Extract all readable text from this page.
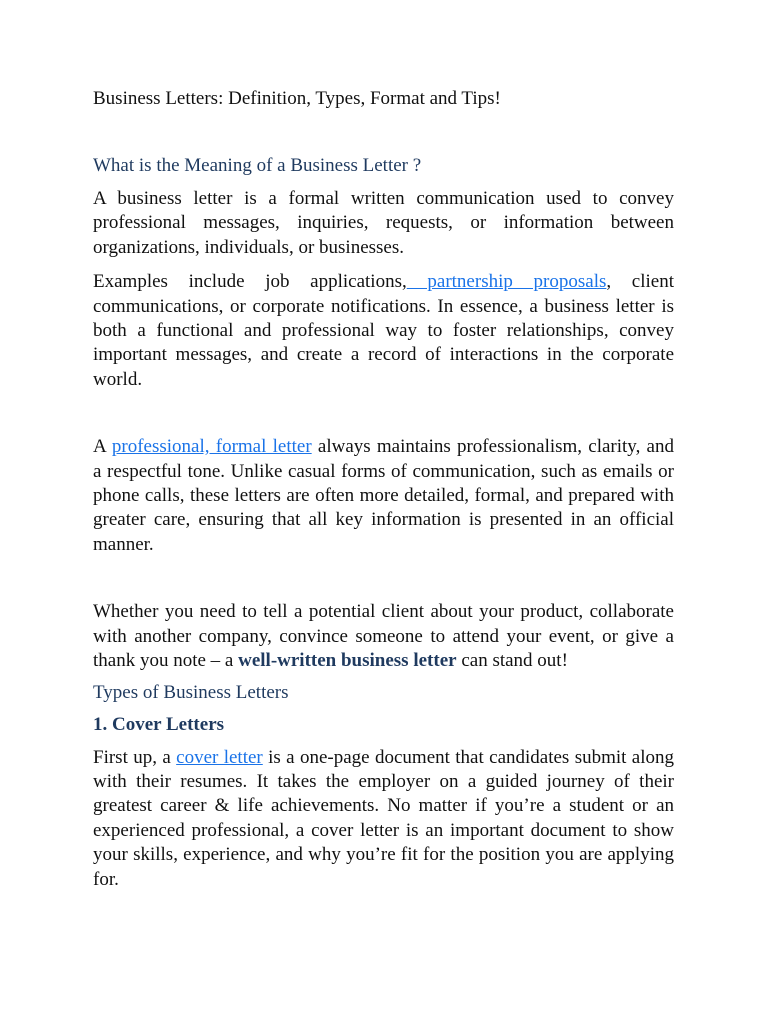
Business Letters: Definition, Types, Format and Tips!
What is the Meaning of a Business Letter ?

A business letter is a formal written communication used to convey professional messages, inquiries, requests, or information between organizations, individuals, or businesses.

Examples include job applications, partnership proposals, client communications, or corporate notifications. In essence, a business letter is both a functional and professional way to foster relationships, convey important messages, and create a record of interactions in the corporate world.

A professional, formal letter always maintains professionalism, clarity, and a respectful tone. Unlike casual forms of communication, such as emails or phone calls, these letters are often more detailed, formal, and prepared with greater care, ensuring that all key information is presented in an official manner.

Whether you need to tell a potential client about your product, collaborate with another company, convince someone to attend your event, or give a thank you note – a well-written business letter can stand out!

Types of Business Letters
1. Cover Letters

First up, a cover letter is a one-page document that candidates submit along with their resumes. It takes the employer on a guided journey of their greatest career & life achievements. No matter if you’re a student or an experienced professional, a cover letter is an important document to show your skills, experience, and why you’re fit for the position you are applying for.
